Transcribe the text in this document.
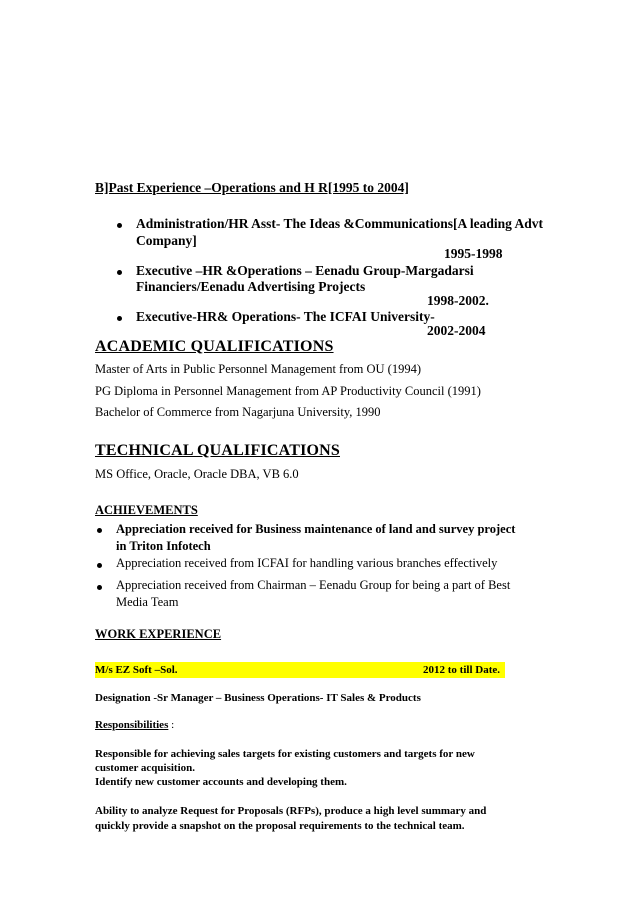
B]Past Experience –Operations and H R[1995 to 2004]
Administration/HR Asst- The Ideas &Communications[A leading Advt
Company]
1995-1998
Executive –HR &Operations – Eenadu Group-Margadarsi
Financiers/Eenadu Advertising Projects
1998-2002.
Executive-HR& Operations- The ICFAI University-
2002-2004
ACADEMIC QUALIFICATIONS
Master of Arts in Public Personnel Management from OU (1994)
PG Diploma in Personnel Management from AP Productivity Council (1991)
Bachelor of Commerce from Nagarjuna University, 1990
TECHNICAL QUALIFICATIONS
MS Office, Oracle, Oracle DBA, VB 6.0
ACHIEVEMENTS
Appreciation received for Business maintenance of land and survey project
in Triton Infotech
Appreciation received from ICFAI for handling various branches effectively
Appreciation received from Chairman – Eenadu Group for being a part of Best
Media Team
WORK EXPERIENCE
M/s EZ Soft –Sol.	2012 to till Date.
Designation -Sr Manager – Business Operations- IT Sales & Products
Responsibilities :
Responsible for achieving sales targets for existing customers and targets for new
customer acquisition.
Identify new customer accounts and developing them.
Ability to analyze Request for Proposals (RFPs), produce a high level summary and
quickly provide a snapshot on the proposal requirements to the technical team.
